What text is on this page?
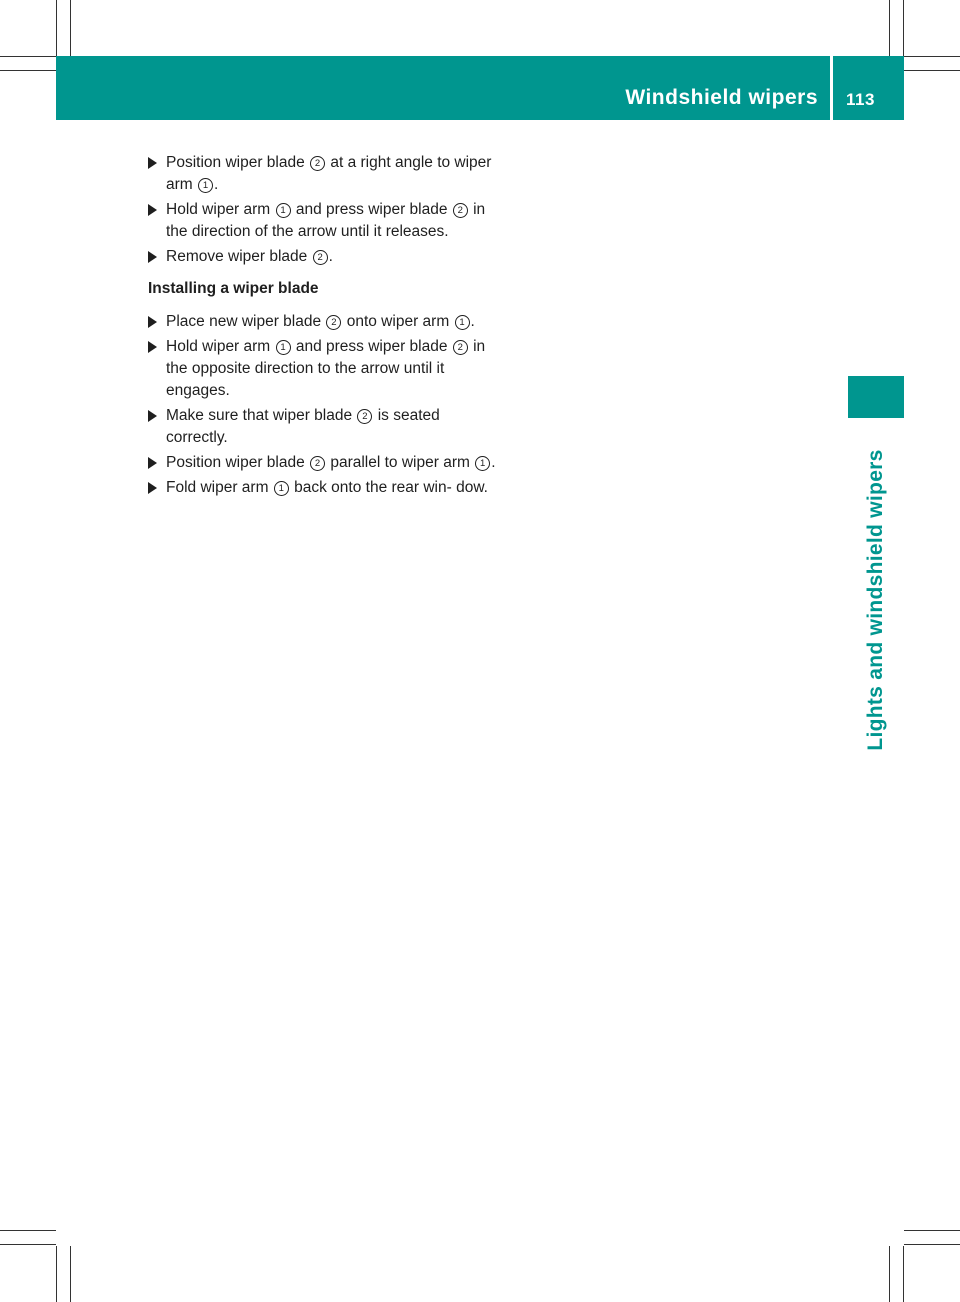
Windshield wipers 113
Lights and windshield wipers
Position wiper blade 2 at a right angle to wiper arm 1 .
Hold wiper arm 1 and press wiper blade 2 in the direction of the arrow until it releases.
Remove wiper blade 2 .
Installing a wiper blade
Place new wiper blade 2 onto wiper arm 1 .
Hold wiper arm 1 and press wiper blade 2 in the opposite direction to the arrow until it engages.
Make sure that wiper blade 2 is seated correctly.
Position wiper blade 2 parallel to wiper arm 1 .
Fold wiper arm 1 back onto the rear win- dow.
